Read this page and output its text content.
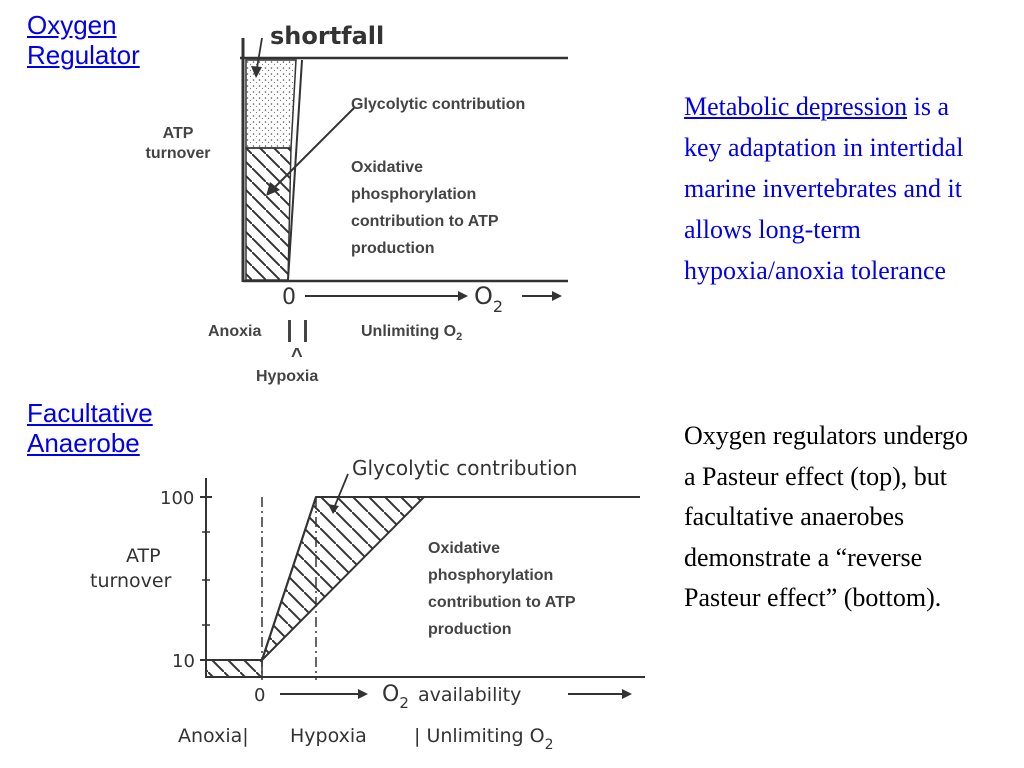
Oxygen
Regulator
shortfall
0	$O_2$
Glycolytic contribution
ATP
turnover
Oxidative
phosphorylation
contribution to ATP
production
Anoxia	Unlimiting $O_2$
^
Hypoxia
Facultative
Anaerobe
Glycolytic contribution
100
10
ATP
turnover
0	$O_2$ availability
Anoxia| Hypoxia | Unlimiting $O_2$
Oxidative
phosphorylation
contribution to ATP
production
Metabolic depression is a key adaptation in intertidal marine invertebrates and it allows long-term hypoxia/anoxia tolerance
Oxygen regulators undergo a Pasteur effect (top), but facultative anaerobes demonstrate a “reverse Pasteur effect” (bottom).
